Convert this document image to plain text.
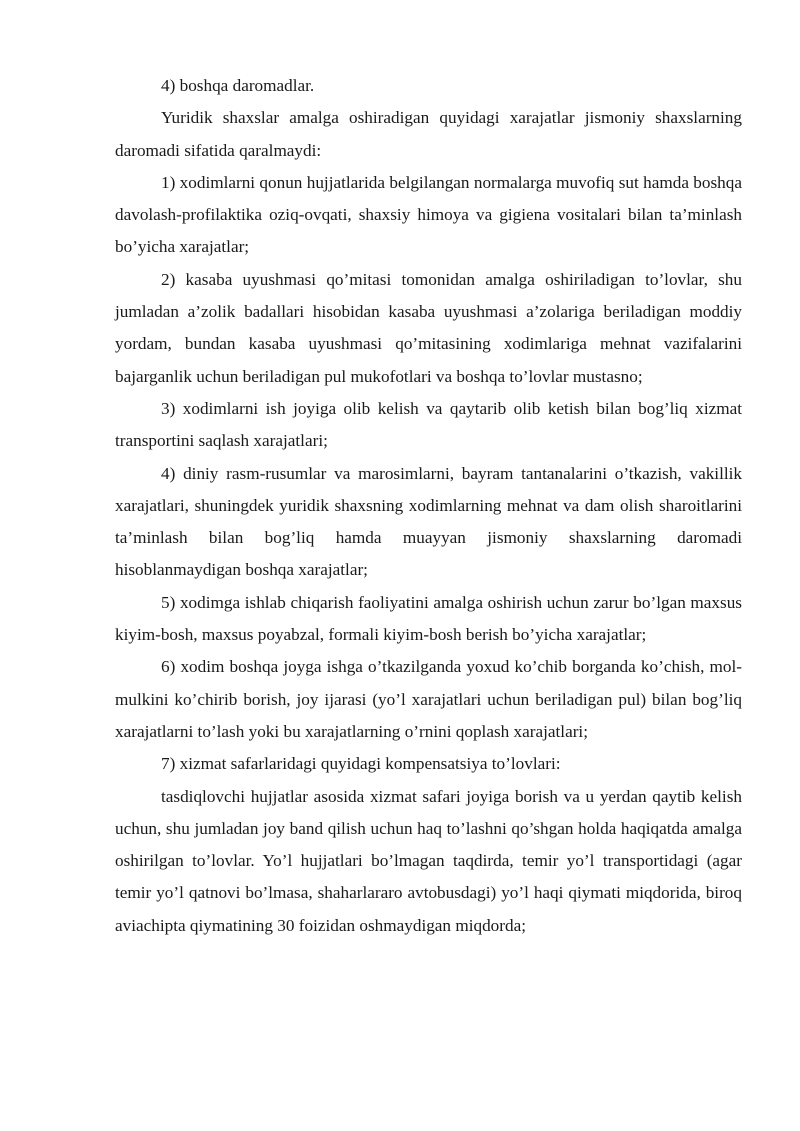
4) boshqa daromadlar.

Yuridik shaxslar amalga oshiradigan quyidagi xarajatlar jismoniy shaxslarning daromadi sifatida qaralmaydi:

1) xodimlarni qonun hujjatlarida belgilangan normalarga muvofiq sut hamda boshqa davolash-profilaktika oziq-ovqati, shaxsiy himoya va gigiena vositalari bilan ta’minlash bo’yicha xarajatlar;

2) kasaba uyushmasi qo’mitasi tomonidan amalga oshiriladigan to’lovlar, shu jumladan a’zolik badallari hisobidan kasaba uyushmasi a’zolariga beriladigan moddiy yordam, bundan kasaba uyushmasi qo’mitasining xodimlariga mehnat vazifalarini bajarganlik uchun beriladigan pul mukofotlari va boshqa to’lovlar mustasno;

3) xodimlarni ish joyiga olib kelish va qaytarib olib ketish bilan bog’liq xizmat transportini saqlash xarajatlari;

4) diniy rasm-rusumlar va marosimlarni, bayram tantanalarini o’tkazish, vakillik xarajatlari, shuningdek yuridik shaxsning xodimlarning mehnat va dam olish sharoitlarini ta’minlash bilan bog’liq hamda muayyan jismoniy shaxslarning daromadi hisoblanmaydigan boshqa xarajatlar;

5) xodimga ishlab chiqarish faoliyatini amalga oshirish uchun zarur bo’lgan maxsus kiyim-bosh, maxsus poyabzal, formali kiyim-bosh berish bo’yicha xarajatlar;

6) xodim boshqa joyga ishga o’tkazilganda yoxud ko’chib borganda ko’chish, mol-mulkini ko’chirib borish, joy ijarasi (yo’l xarajatlari uchun beriladigan pul) bilan bog’liq xarajatlarni to’lash yoki bu xarajatlarning o’rnini qoplash xarajatlari;

7) xizmat safarlaridagi quyidagi kompensatsiya to’lovlari:

tasdiqlovchi hujjatlar asosida xizmat safari joyiga borish va u yerdan qaytib kelish uchun, shu jumladan joy band qilish uchun haq to’lashni qo’shgan holda haqiqatda amalga oshirilgan to’lovlar. Yo’l hujjatlari bo’lmagan taqdirda, temir yo’l transportidagi (agar temir yo’l qatnovi bo’lmasa, shaharlararo avtobusdagi) yo’l haqi qiymati miqdorida, biroq aviachipta qiymatining 30 foizidan oshmaydigan miqdorda;
